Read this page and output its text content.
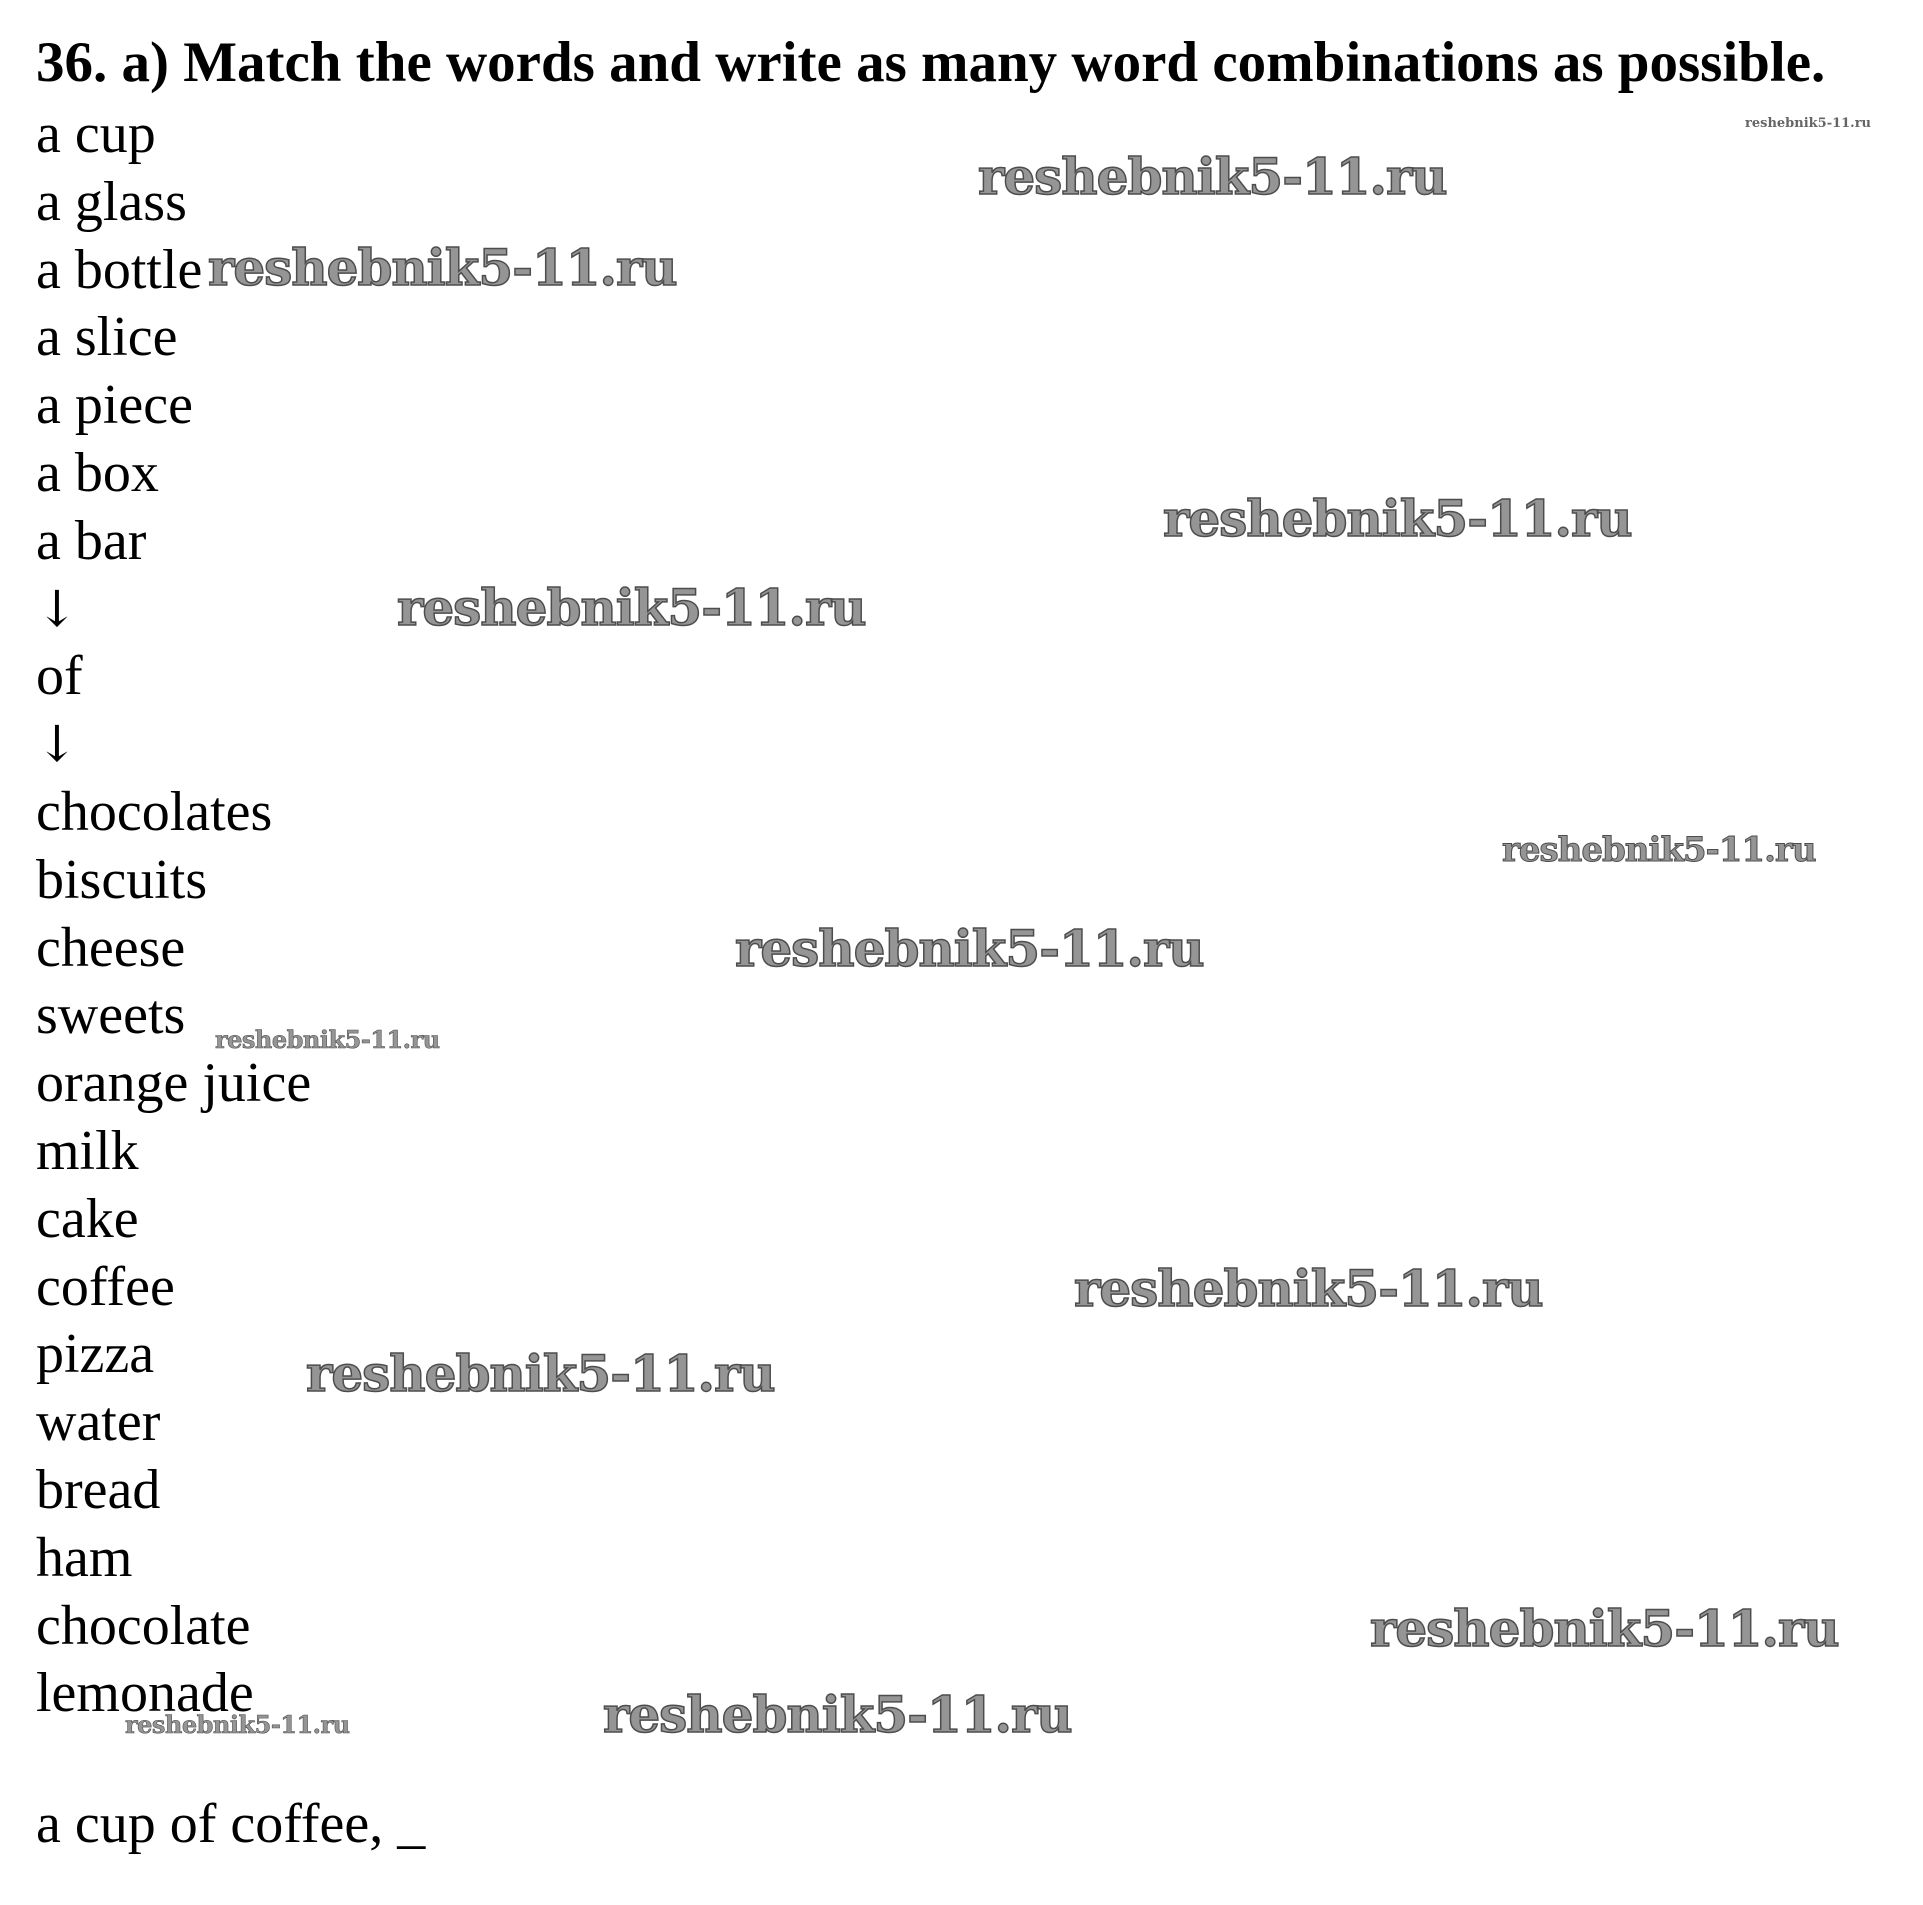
36. a) Match the words and write as many word combinations as possible.
a cup
a glass
a bottle
a slice
a piece
a box
a bar
↓
of
↓
chocolates
biscuits
cheese
sweets
orange juice
milk
cake
coffee
pizza
water
bread
ham
chocolate
lemonade

a cup of coffee, _

reshebnik5-11.ru
reshebnik5-11.ru
reshebnik5-11.ru
reshebnik5-11.ru
reshebnik5-11.ru
reshebnik5-11.ru
reshebnik5-11.ru
reshebnik5-11.ru
reshebnik5-11.ru
reshebnik5-11.ru
reshebnik5-11.ru
reshebnik5-11.ru
reshebnik5-11.ru
